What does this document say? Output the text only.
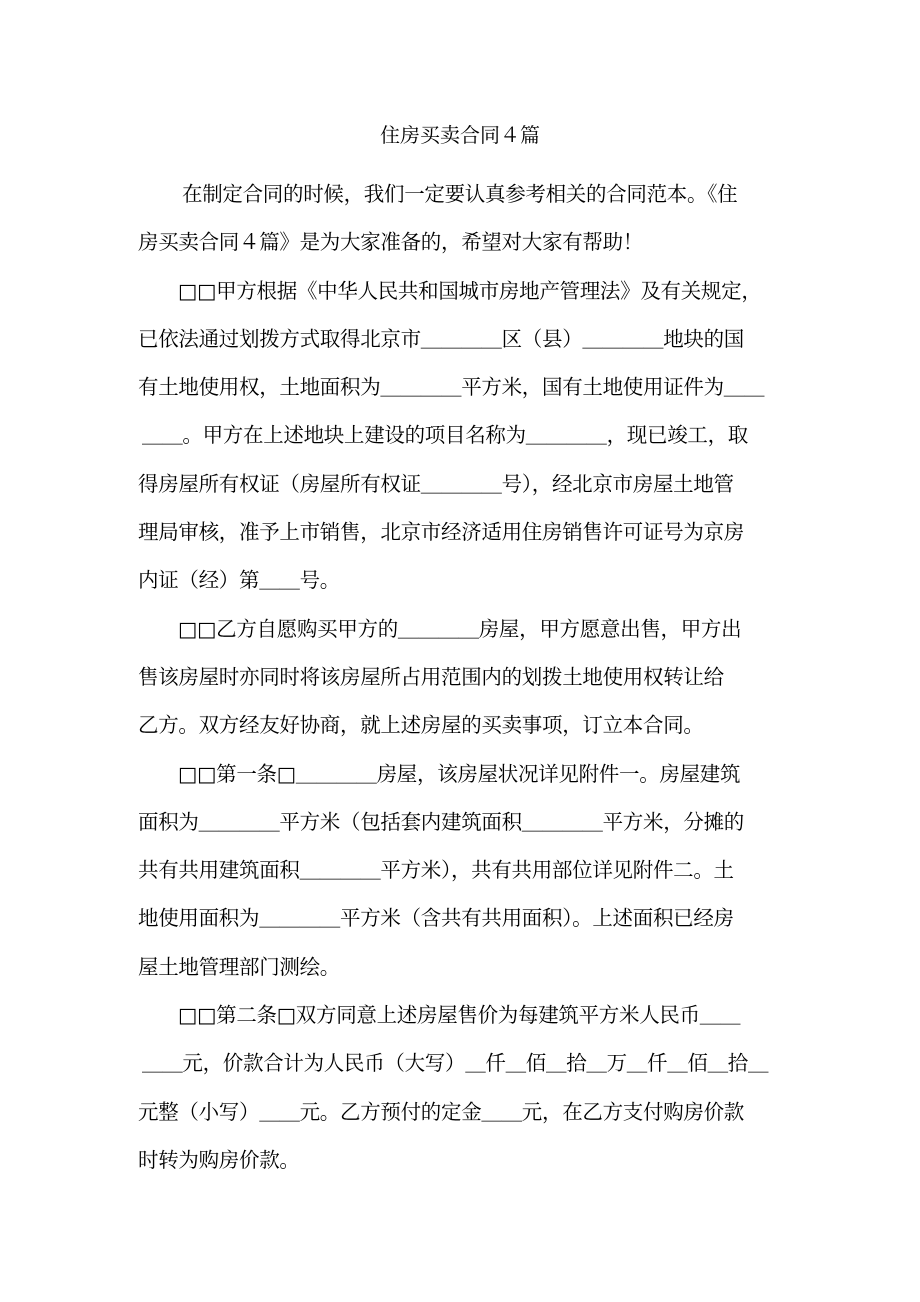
住房买卖合同４篇
在制定合同的时候，我们一定要认真参考相关的合同范本。《住
房买卖合同４篇》是为大家准备的，希望对大家有帮助！
□□甲方根据《中华人民共和国城市房地产管理法》及有关规定，
已依法通过划拨方式取得北京市＿＿＿＿区（县）＿＿＿＿地块的国
有土地使用权，土地面积为＿＿＿＿平方米，国有土地使用证件为＿＿
＿＿。甲方在上述地块上建设的项目名称为＿＿＿＿，现已竣工，取
得房屋所有权证（房屋所有权证＿＿＿＿号），经北京市房屋土地管
理局审核，准予上市销售，北京市经济适用住房销售许可证号为京房
内证（经）第＿＿号。
□□乙方自愿购买甲方的＿＿＿＿房屋，甲方愿意出售，甲方出
售该房屋时亦同时将该房屋所占用范围内的划拨土地使用权转让给
乙方。双方经友好协商，就上述房屋的买卖事项，订立本合同。
□□第一条□＿＿＿＿房屋，该房屋状况详见附件一。房屋建筑
面积为＿＿＿＿平方米（包括套内建筑面积＿＿＿＿平方米，分摊的
共有共用建筑面积＿＿＿＿平方米），共有共用部位详见附件二。土
地使用面积为＿＿＿＿平方米（含共有共用面积）。上述面积已经房
屋土地管理部门测绘。
□□第二条□双方同意上述房屋售价为每建筑平方米人民币＿＿
＿＿元，价款合计为人民币（大写）＿仟＿佰＿拾＿万＿仟＿佰＿拾＿
元整（小写）＿＿元。乙方预付的定金＿＿元，在乙方支付购房价款
时转为购房价款。
